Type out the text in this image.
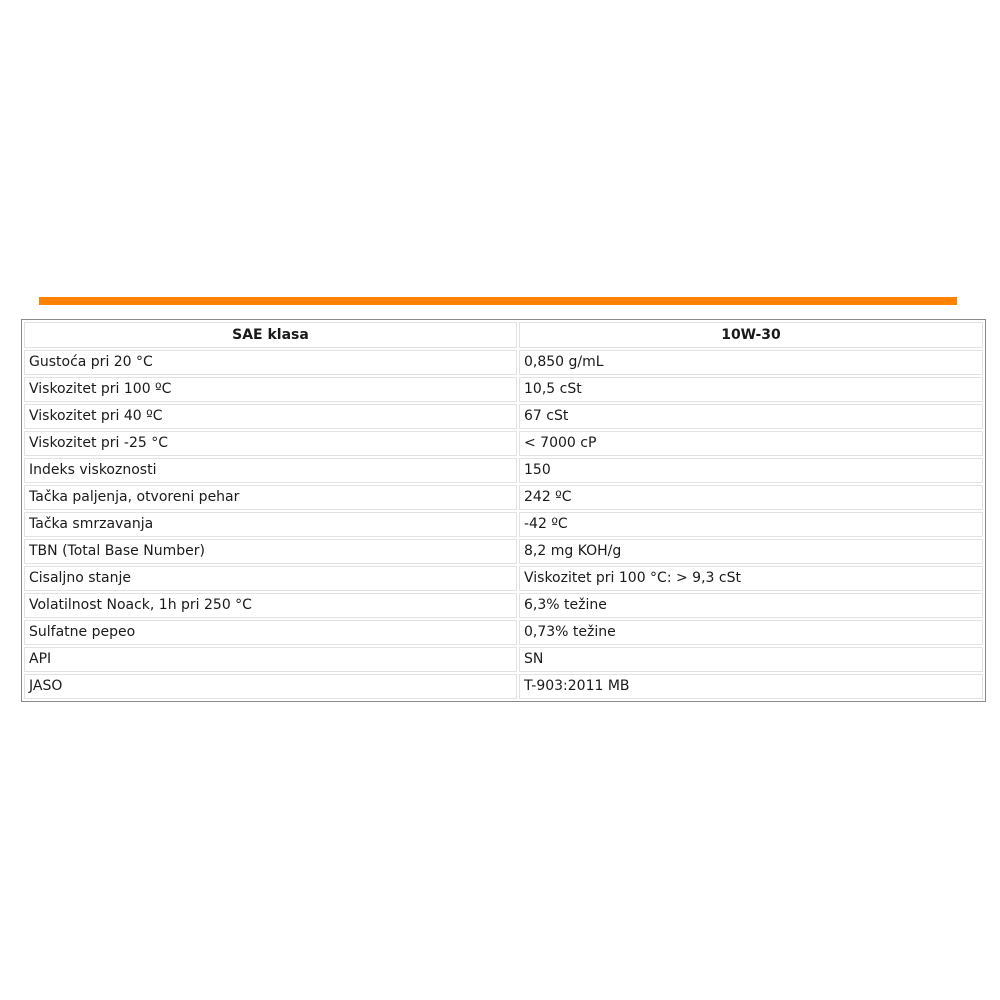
SAE klasa	10W-30
Gustoća pri 20 °C	0,850 g/mL
Viskozitet pri 100 ºC	10,5 cSt
Viskozitet pri 40 ºC	67 cSt
Viskozitet pri -25 °C	< 7000 cP
Indeks viskoznosti	150
Tačka paljenja, otvoreni pehar	242 ºC
Tačka smrzavanja	-42 ºC
TBN (Total Base Number)	8,2 mg KOH/g
Cisaljno stanje	Viskozitet pri 100 °C: > 9,3 cSt
Volatilnost Noack, 1h pri 250 °C	6,3% težine
Sulfatne pepeo	0,73% težine
API	SN
JASO	T-903:2011 MB
